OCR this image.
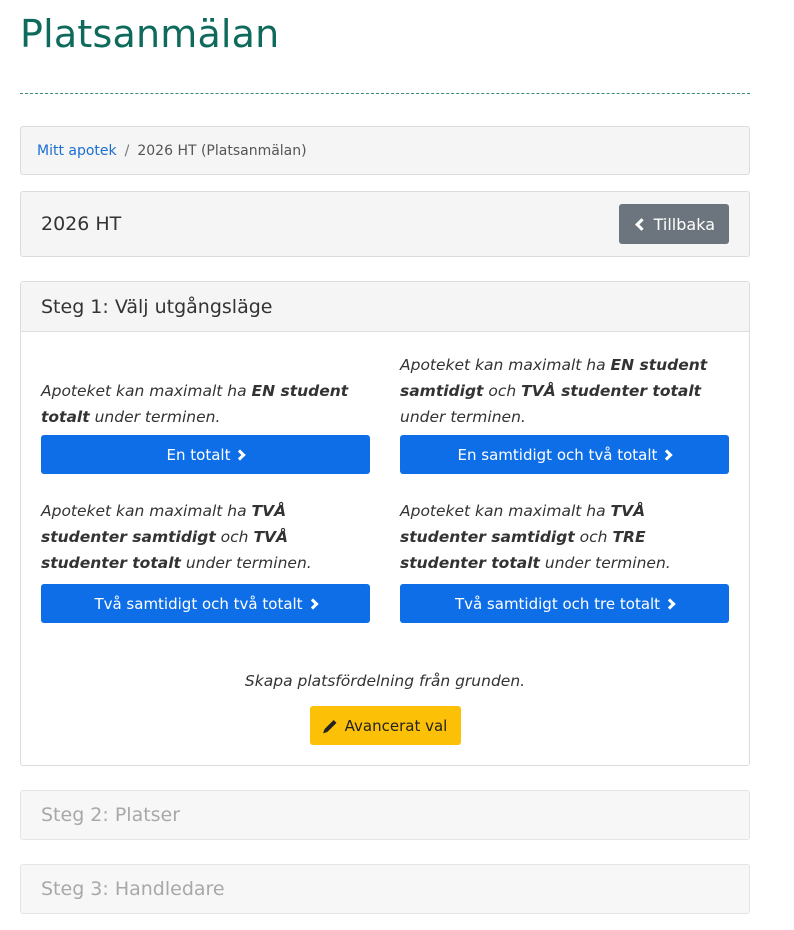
Platsanmälan
Mitt apotek / 2026 HT (Platsanmälan)
2026 HT	Tillbaka
Steg 1: Välj utgångsläge

Apoteket kan maximalt ha EN student totalt under terminen.

En totalt

Apoteket kan maximalt ha EN student samtidigt och TVÅ studenter totalt under terminen.

En samtidigt och två totalt

Apoteket kan maximalt ha TVÅ studenter samtidigt och TVÅ studenter totalt under terminen.

Två samtidigt och två totalt

Apoteket kan maximalt ha TVÅ studenter samtidigt och TRE studenter totalt under terminen.

Två samtidigt och tre totalt
Skapa platsfördelning från grunden.
Avancerat val
Steg 2: Platser
Steg 3: Handledare
